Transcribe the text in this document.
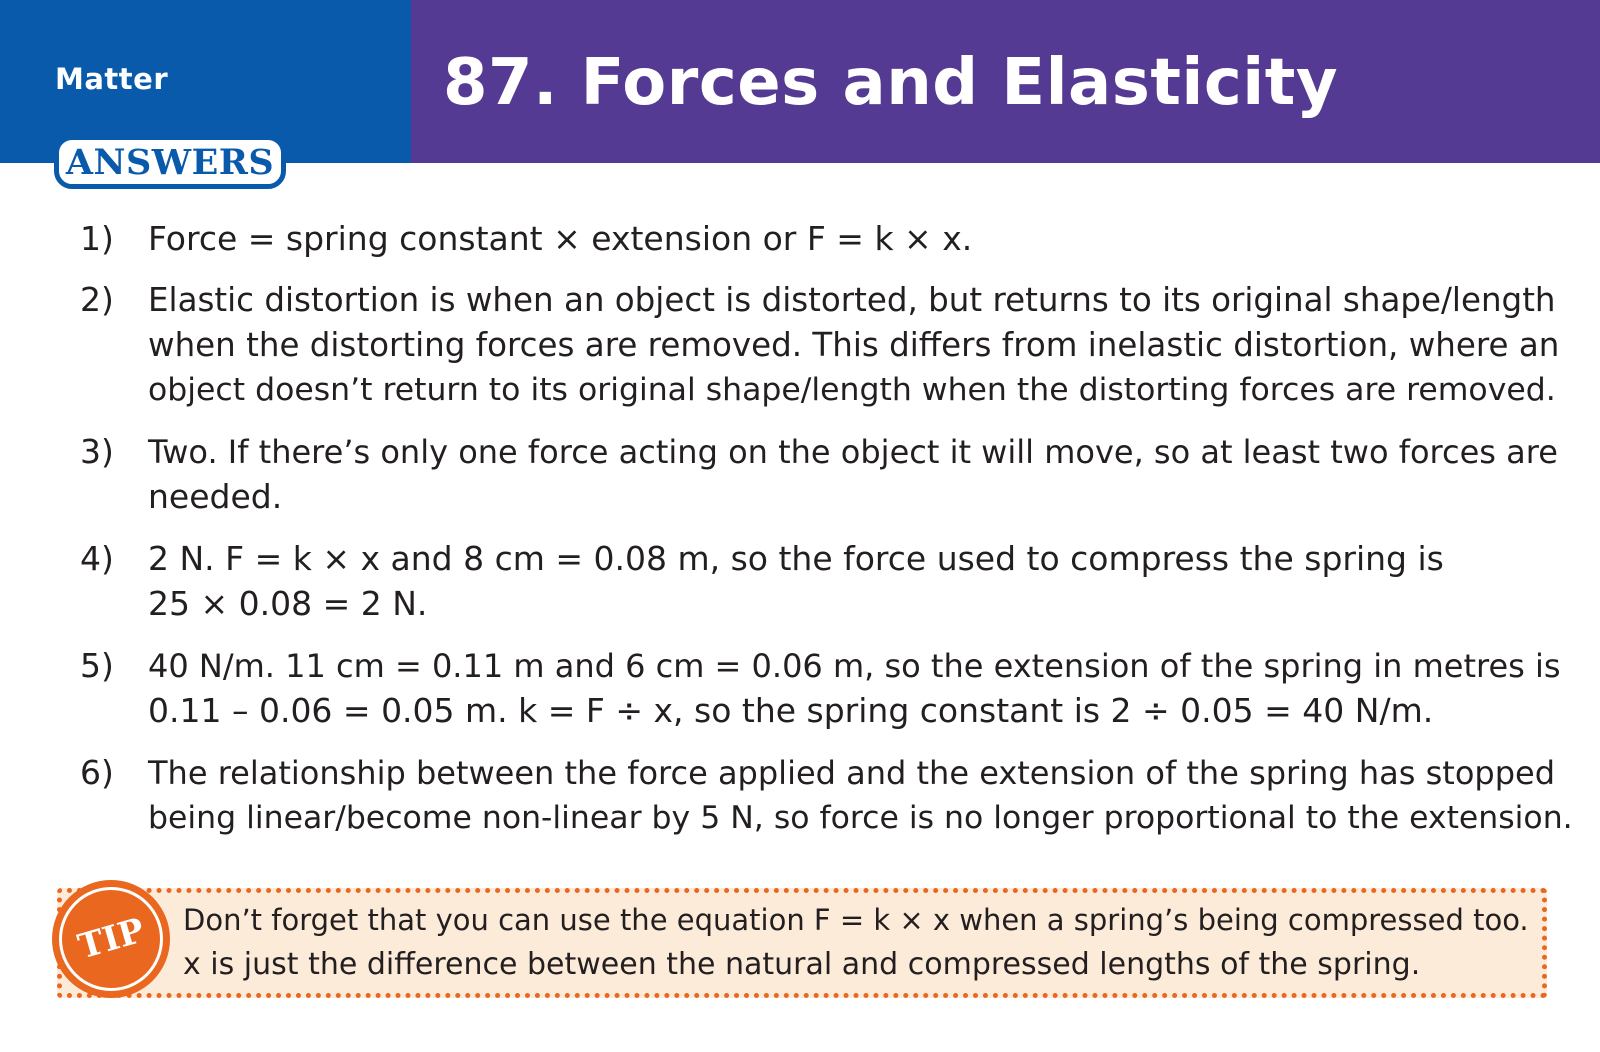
Matter	87. Forces and Elasticity
ANSWERS
1) Force = spring constant × extension or F = k × x.
2) Elastic distortion is when an object is distorted, but returns to its original shape/length
when the distorting forces are removed. This differs from inelastic distortion, where an
object doesn’t return to its original shape/length when the distorting forces are removed.
3) Two. If there’s only one force acting on the object it will move, so at least two forces are
needed.
4) 2 N. F = k × x and 8 cm = 0.08 m, so the force used to compress the spring is
25 × 0.08 = 2 N.
5) 40 N/m. 11 cm = 0.11 m and 6 cm = 0.06 m, so the extension of the spring in metres is
0.11 – 0.06 = 0.05 m. k = F ÷ x, so the spring constant is 2 ÷ 0.05 = 40 N/m.
6) The relationship between the force applied and the extension of the spring has stopped
being linear/become non-linear by 5 N, so force is no longer proportional to the extension.
TIP Don’t forget that you can use the equation F = k × x when a spring’s being compressed too.
x is just the difference between the natural and compressed lengths of the spring.
